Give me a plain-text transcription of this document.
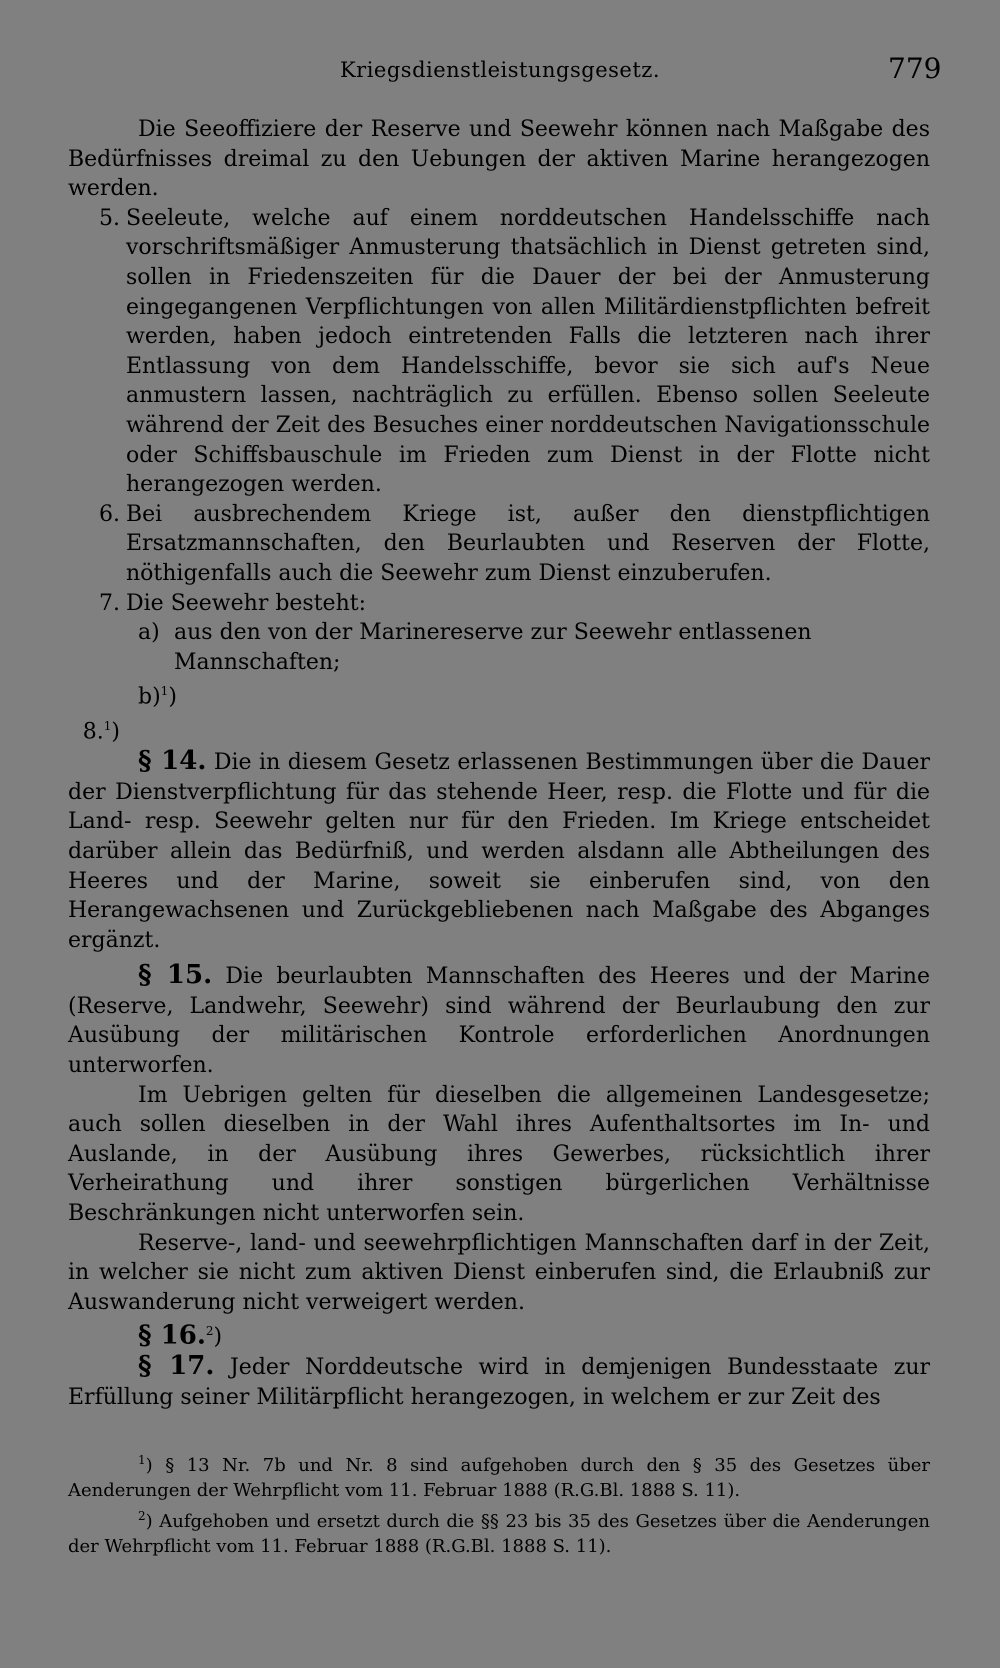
Kriegsdienstleistungsgesetz.	779

Die Seeoffiziere der Reserve und Seewehr können nach Maßgabe des Bedürfnisses dreimal zu den Uebungen der aktiven Marine herangezogen werden.

5. Seeleute, welche auf einem norddeutschen Handelsschiffe nach vorschriftsmäßiger Anmusterung thatsächlich in Dienst getreten sind, sollen in Friedenszeiten für die Dauer der bei der Anmusterung eingegangenen Verpflichtungen von allen Militärdienstpflichten befreit werden, haben jedoch eintretenden Falls die letzteren nach ihrer Entlassung von dem Handelsschiffe, bevor sie sich auf's Neue anmustern lassen, nachträglich zu erfüllen. Ebenso sollen Seeleute während der Zeit des Besuches einer norddeutschen Navigationsschule oder Schiffsbauschule im Frieden zum Dienst in der Flotte nicht herangezogen werden.
6. Bei ausbrechendem Kriege ist, außer den dienstpflichtigen Ersatzmannschaften, den Beurlaubten und Reserven der Flotte, nöthigenfalls auch die Seewehr zum Dienst einzuberufen.
7. Die Seewehr besteht:
a) aus den von der Marinereserve zur Seewehr entlassenen Mannschaften;
b)$^1$)
8.$^1$)

§ 14. Die in diesem Gesetz erlassenen Bestimmungen über die Dauer der Dienstverpflichtung für das stehende Heer, resp. die Flotte und für die Land- resp. Seewehr gelten nur für den Frieden. Im Kriege entscheidet darüber allein das Bedürfniß, und werden alsdann alle Abtheilungen des Heeres und der Marine, soweit sie einberufen sind, von den Herangewachsenen und Zurückgebliebenen nach Maßgabe des Abganges ergänzt.

§ 15. Die beurlaubten Mannschaften des Heeres und der Marine (Reserve, Landwehr, Seewehr) sind während der Beurlaubung den zur Ausübung der militärischen Kontrole erforderlichen Anordnungen unterworfen.

Im Uebrigen gelten für dieselben die allgemeinen Landesgesetze; auch sollen dieselben in der Wahl ihres Aufenthaltsortes im In- und Auslande, in der Ausübung ihres Gewerbes, rücksichtlich ihrer Verheirathung und ihrer sonstigen bürgerlichen Verhältnisse Beschränkungen nicht unterworfen sein.

Reserve-, land- und seewehrpflichtigen Mannschaften darf in der Zeit, in welcher sie nicht zum aktiven Dienst einberufen sind, die Erlaubniß zur Auswanderung nicht verweigert werden.

§ 16.$^2$)

§ 17. Jeder Norddeutsche wird in demjenigen Bundesstaate zur Erfüllung seiner Militärpflicht herangezogen, in welchem er zur Zeit des

$^1$) § 13 Nr. 7b und Nr. 8 sind aufgehoben durch den § 35 des Gesetzes über Aenderungen der Wehrpflicht vom 11. Februar 1888 (R.G.Bl. 1888 S. 11).

$^2$) Aufgehoben und ersetzt durch die §§ 23 bis 35 des Gesetzes über die Aenderungen der Wehrpflicht vom 11. Februar 1888 (R.G.Bl. 1888 S. 11).
